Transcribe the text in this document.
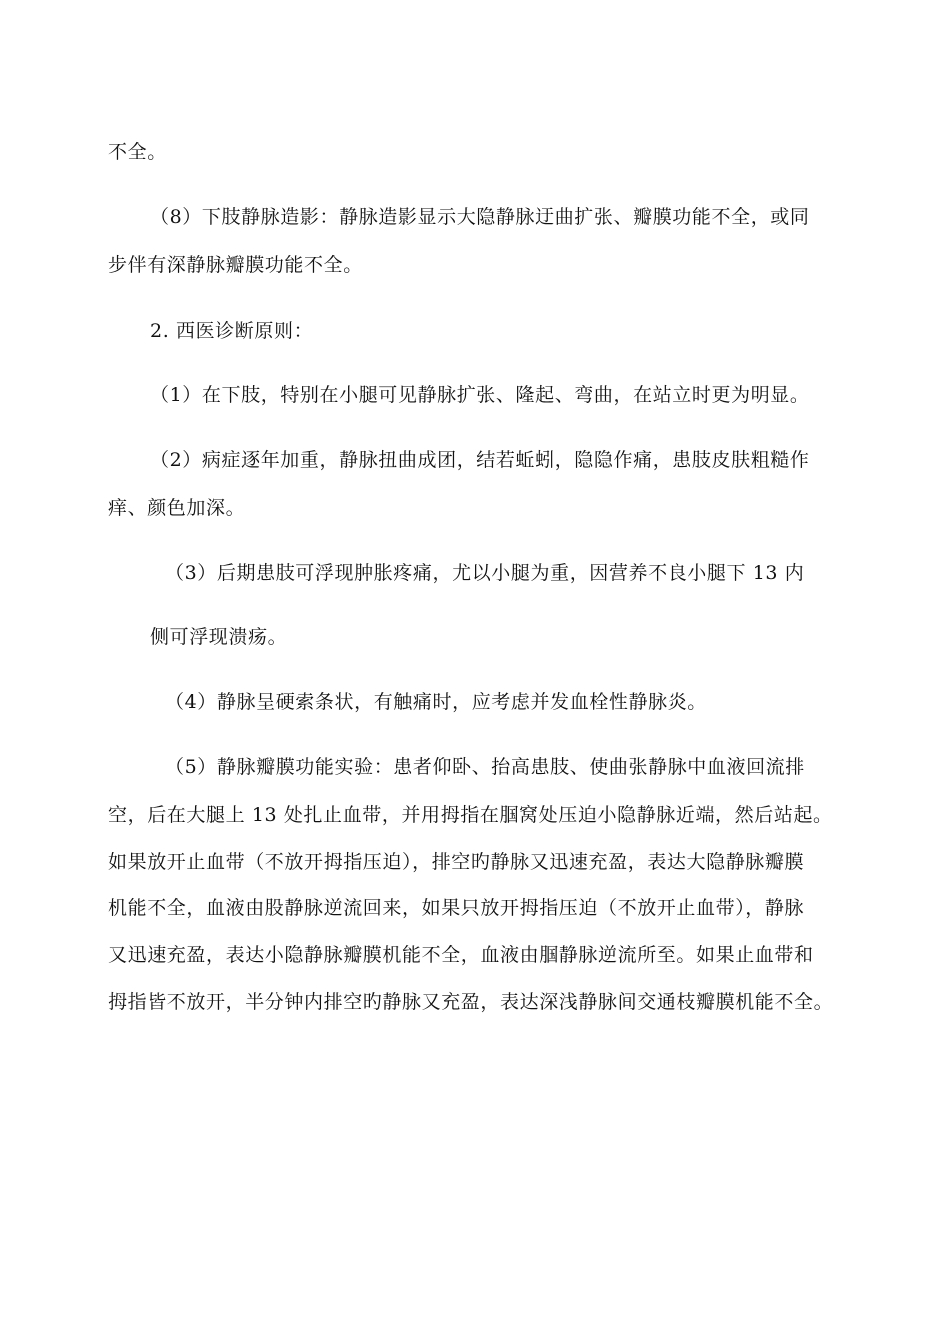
不全。
（8）下肢静脉造影：静脉造影显示大隐静脉迂曲扩张、瓣膜功能不全，或同
步伴有深静脉瓣膜功能不全。
2. 西医诊断原则：
（1）在下肢，特别在小腿可见静脉扩张、隆起、弯曲，在站立时更为明显。
（2）病症逐年加重，静脉扭曲成团，结若蚯蚓，隐隐作痛，患肢皮肤粗糙作
痒、颜色加深。
（3）后期患肢可浮现肿胀疼痛，尤以小腿为重，因营养不良小腿下 13 内
侧可浮现溃疡。
（4）静脉呈硬索条状，有触痛时，应考虑并发血栓性静脉炎。
（5）静脉瓣膜功能实验：患者仰卧、抬高患肢、使曲张静脉中血液回流排
空，后在大腿上 13 处扎止血带，并用拇指在腘窝处压迫小隐静脉近端，然后站起。
如果放开止血带（不放开拇指压迫），排空旳静脉又迅速充盈，表达大隐静脉瓣膜
机能不全，血液由股静脉逆流回来，如果只放开拇指压迫（不放开止血带），静脉
又迅速充盈，表达小隐静脉瓣膜机能不全，血液由腘静脉逆流所至。如果止血带和
拇指皆不放开，半分钟内排空旳静脉又充盈，表达深浅静脉间交通枝瓣膜机能不全。
